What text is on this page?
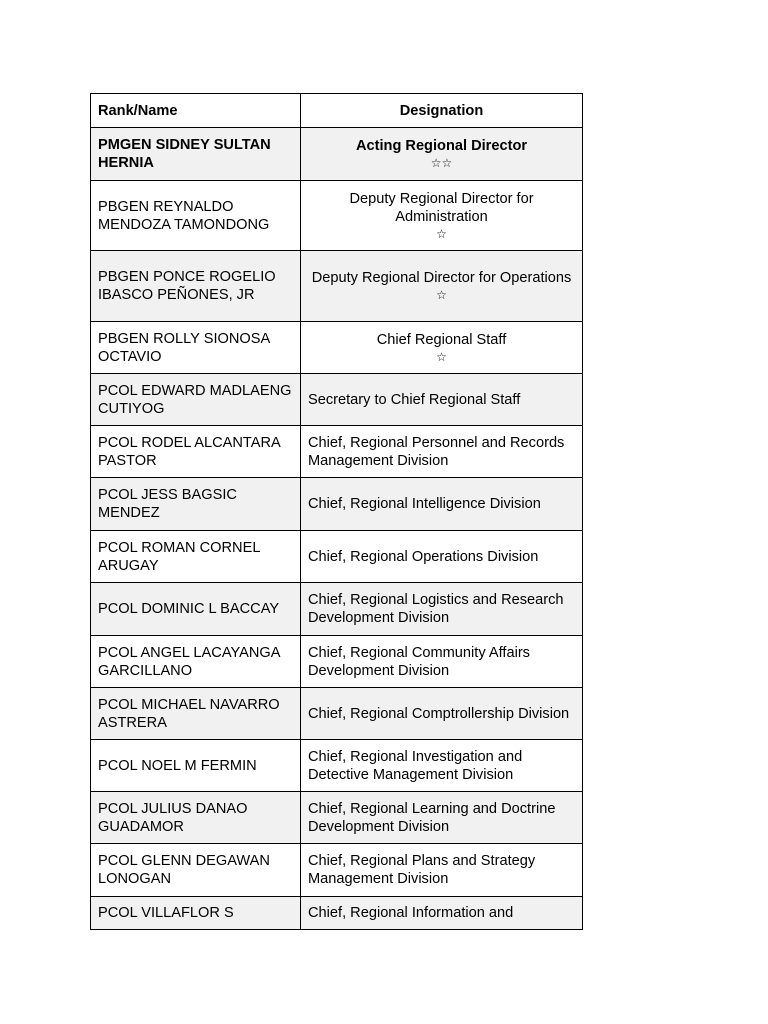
Rank/Name	Designation
PMGEN SIDNEY SULTAN HERNIA	Acting Regional Director
☆☆

PBGEN REYNALDO MENDOZA TAMONDONG	Deputy Regional Director for Administration
☆

PBGEN PONCE ROGELIO IBASCO PEÑONES, JR	Deputy Regional Director for Operations
☆

PBGEN ROLLY SIONOSA OCTAVIO	Chief Regional Staff
☆

PCOL EDWARD MADLAENG CUTIYOG	Secretary to Chief Regional Staff
PCOL RODEL ALCANTARA PASTOR	Chief, Regional Personnel and Records Management Division
PCOL JESS BAGSIC MENDEZ	Chief, Regional Intelligence Division
PCOL ROMAN CORNEL ARUGAY	Chief, Regional Operations Division
PCOL DOMINIC L BACCAY	Chief, Regional Logistics and Research Development Division
PCOL ANGEL LACAYANGA GARCILLANO	Chief, Regional Community Affairs Development Division
PCOL MICHAEL NAVARRO ASTRERA	Chief, Regional Comptrollership Division
PCOL NOEL M FERMIN	Chief, Regional Investigation and Detective Management Division
PCOL JULIUS DANAO GUADAMOR	Chief, Regional Learning and Doctrine Development Division
PCOL GLENN DEGAWAN LONOGAN	Chief, Regional Plans and Strategy Management Division
PCOL VILLAFLOR S	Chief, Regional Information and
